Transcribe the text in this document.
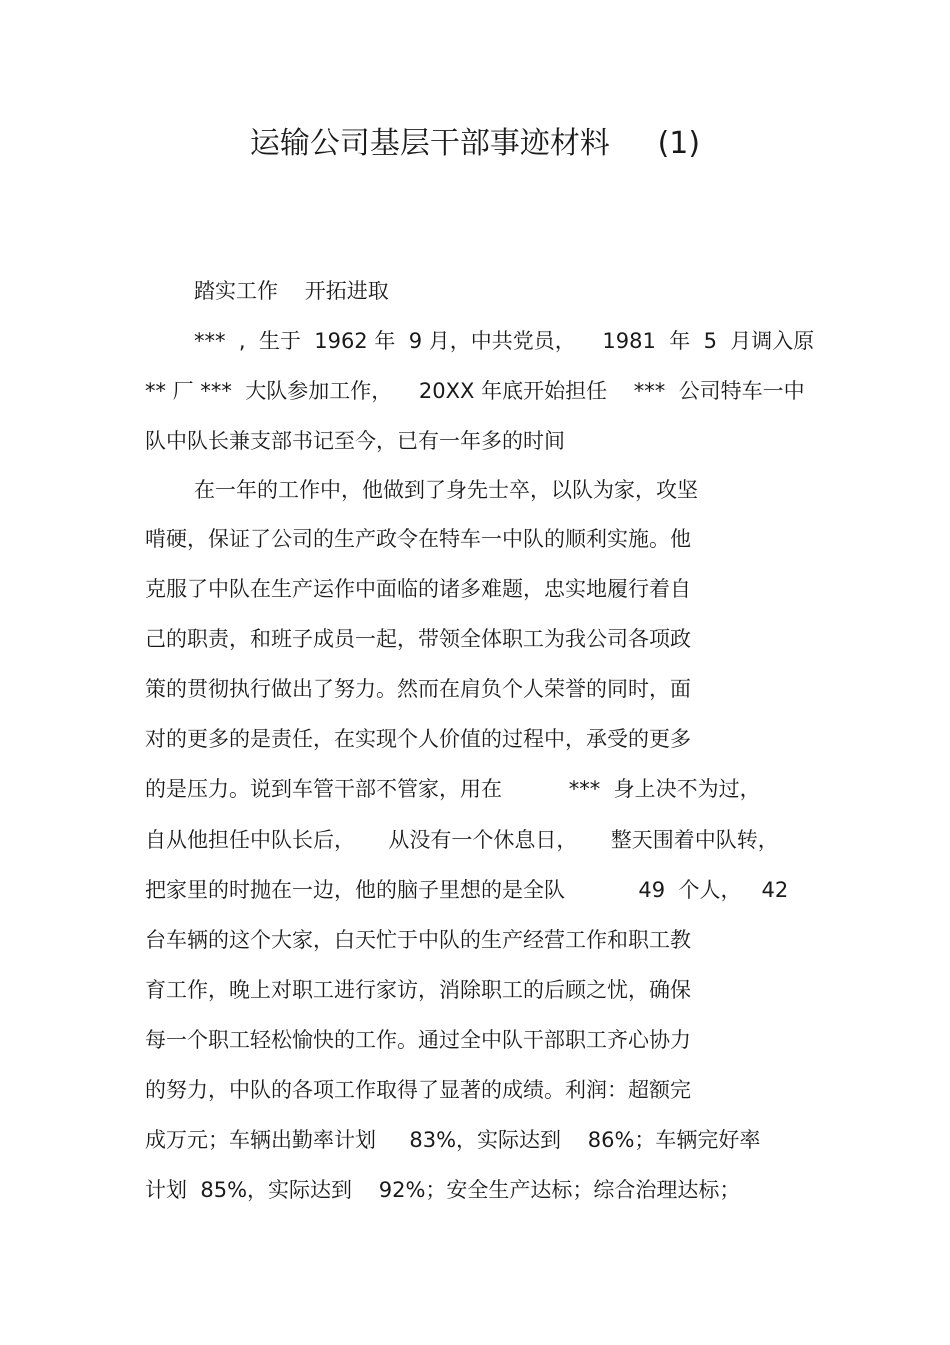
运输公司基层干部事迹材料     (1)
踏实工作    开拓进取
***  ,  生于  1962 年  9 月，中共党员，    1981  年  5  月调入原
** 厂 ***  大队参加工作，    20XX 年底开始担任    ***  公司特车一中
队中队长兼支部书记至今，已有一年多的时间
在一年的工作中，他做到了身先士卒，以队为家，攻坚
啃硬，保证了公司的生产政令在特车一中队的顺利实施。他
克服了中队在生产运作中面临的诸多难题，忠实地履行着自
己的职责，和班子成员一起，带领全体职工为我公司各项政
策的贯彻执行做出了努力。然而在肩负个人荣誉的同时，面
对的更多的是责任，在实现个人价值的过程中，承受的更多
的是压力。说到车管干部不管家，用在          ***  身上决不为过，
自从他担任中队长后，     从没有一个休息日，     整天围着中队转，
把家里的时抛在一边，他的脑子里想的是全队           49  个人，   42
台车辆的这个大家，白天忙于中队的生产经营工作和职工教
育工作，晚上对职工进行家访，消除职工的后顾之忧，确保
每一个职工轻松愉快的工作。通过全中队干部职工齐心协力
的努力，中队的各项工作取得了显著的成绩。利润：超额完
成万元；车辆出勤率计划     83%，实际达到    86%；车辆完好率
计划  85%，实际达到    92%；安全生产达标；综合治理达标；
